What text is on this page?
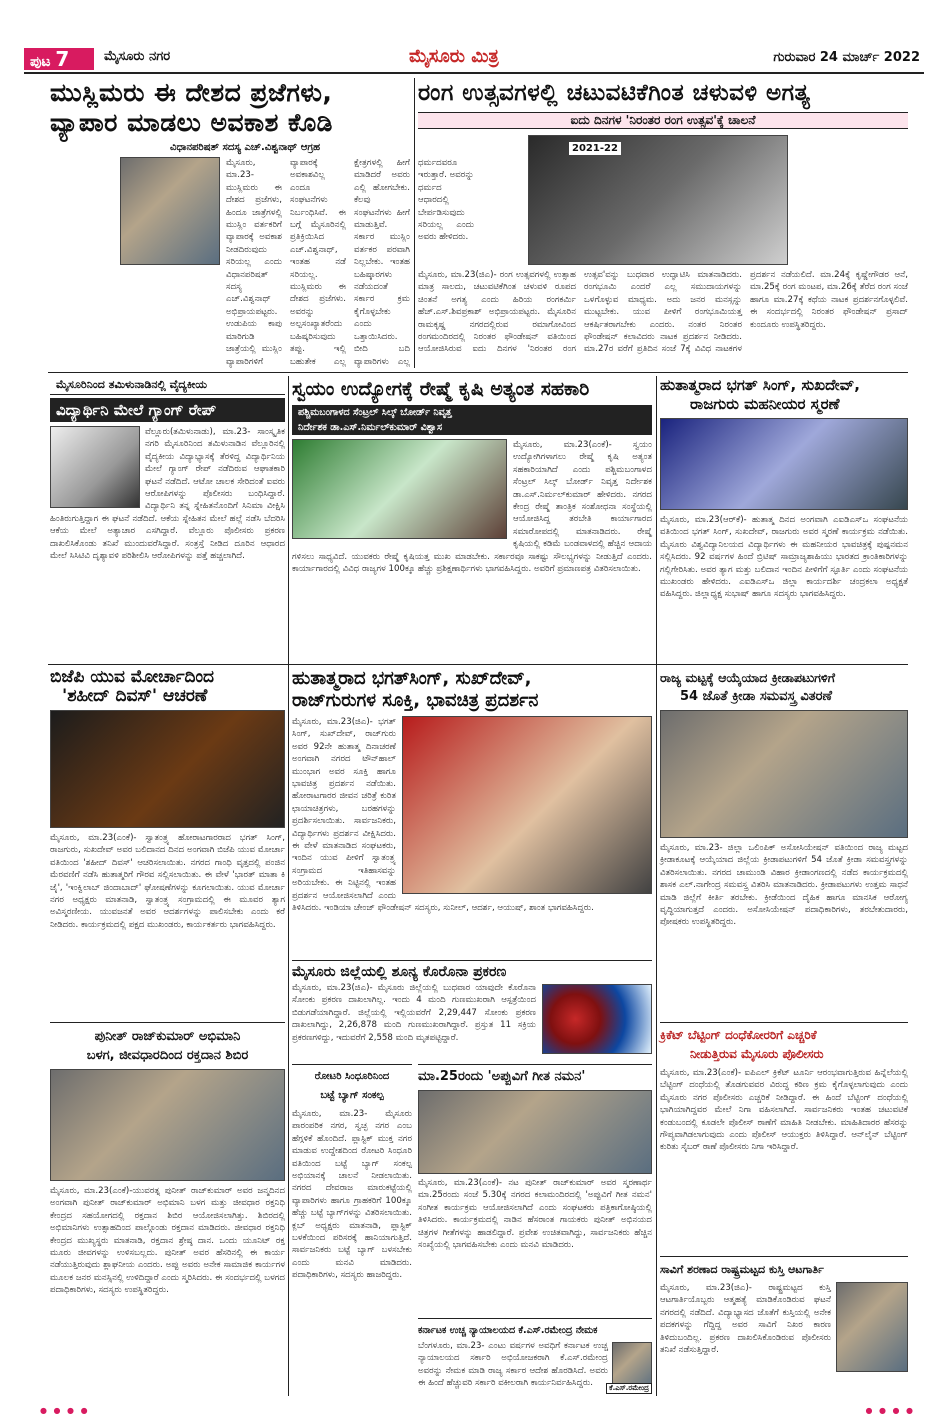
ಪುಟ 7	ಮೈಸೂರು ನಗರ	ಮೈಸೂರು ಮಿತ್ರ	ಗುರುವಾರ 24 ಮಾರ್ಚ್ 2022
ಮುಸ್ಲಿಮರು ಈ ದೇಶದ ಪ್ರಜೆಗಳು,
ವ್ಯಾಪಾರ ಮಾಡಲು ಅವಕಾಶ ಕೊಡಿ
ವಿಧಾನಪರಿಷತ್ ಸದಸ್ಯ ಎಚ್.ವಿಶ್ವನಾಥ್ ಆಗ್ರಹ
ಮೈಸೂರು, ಮಾ.23- ಮುಸ್ಲಿಮರು ಈ ದೇಶದ ಪ್ರಜೆಗಳು, ಹಿಂದೂ ಜಾತ್ರೆಗಳಲ್ಲಿ ಮುಸ್ಲಿಂ ವರ್ತಕರಿಗೆ ವ್ಯಾಪಾರಕ್ಕೆ ಅವಕಾಶ ನೀಡದಿರುವುದು ಸರಿಯಲ್ಲ ಎಂದು ವಿಧಾನಪರಿಷತ್ ಸದಸ್ಯ ಎಚ್.ವಿಶ್ವನಾಥ್ ಅಭಿಪ್ರಾಯಪಟ್ಟರು. ಉಡುಪಿಯ ಕಾಪು ಮಾರಿಗುಡಿ ಜಾತ್ರೆಯಲ್ಲಿ ಮುಸ್ಲಿಂ ವ್ಯಾಪಾರಿಗಳಿಗೆ ವ್ಯಾಪಾರಕ್ಕೆ ಅವಕಾಶವಿಲ್ಲ ಎಂದೂ ಸಂಘಟನೆಗಳು ನಿರ್ಬಂಧಿಸಿವೆ. ಈ ಬಗ್ಗೆ ಮೈಸೂರಿನಲ್ಲಿ ಪ್ರತಿಕ್ರಿಯಿಸಿದ ಎಚ್.ವಿಶ್ವನಾಥ್, ಇಂತಹ ನಡೆ ಸರಿಯಲ್ಲ. ಮುಸ್ಲಿಮರು ಈ ದೇಶದ ಪ್ರಜೆಗಳು. ಅವರನ್ನು ಅಲ್ಪಸಂಖ್ಯಾತರೆಂದು ಬಹಿಷ್ಕರಿಸುವುದು ತಪ್ಪು. ಇಲ್ಲಿ ಬಹುತೇಕ ಎಲ್ಲ ಕ್ಷೇತ್ರಗಳಲ್ಲಿ ಹೀಗೆ ಮಾಡಿದರೆ ಅವರು ಎಲ್ಲಿ ಹೋಗಬೇಕು. ಕೆಲವು ಸಂಘಟನೆಗಳು ಹೀಗೆ ಮಾಡುತ್ತಿವೆ. ಸರ್ಕಾರ ಮುಸ್ಲಿಂ ವರ್ತಕರ ಪರವಾಗಿ ನಿಲ್ಲಬೇಕು. ಇಂತಹ ಬಹಿಷ್ಕಾರಗಳು ನಡೆಯದಂತೆ ಸರ್ಕಾರ ಕ್ರಮ ಕೈಗೊಳ್ಳಬೇಕು ಎಂದು ಒತ್ತಾಯಿಸಿದರು. ಬೀದಿ ಬದಿ ವ್ಯಾಪಾರಿಗಳು ಎಲ್ಲ ಧರ್ಮದವರೂ ಇರುತ್ತಾರೆ. ಅವರನ್ನು ಧರ್ಮದ ಆಧಾರದಲ್ಲಿ ಬೇರ್ಪಡಿಸುವುದು ಸರಿಯಲ್ಲ ಎಂದು ಅವರು ಹೇಳಿದರು.
ರಂಗ ಉತ್ಸವಗಳಲ್ಲಿ ಚಟುವಟಿಕೆಗಿಂತ ಚಳುವಳಿ ಅಗತ್ಯ
ಐದು ದಿನಗಳ 'ನಿರಂತರ ರಂಗ ಉತ್ಸವ'ಕ್ಕೆ ಚಾಲನೆ
2021-22
ಮೈಸೂರು, ಮಾ.23(ಜಿಎ)- ರಂಗ ಉತ್ಸವಗಳಲ್ಲಿ ಉತ್ಸಾಹ ಮಾತ್ರ ಸಾಲದು, ಚಟುವಟಿಕೆಗಿಂತ ಚಳುವಳಿ ರೂಪದ ಚಿಂತನೆ ಅಗತ್ಯ ಎಂದು ಹಿರಿಯ ರಂಗಕರ್ಮಿ ಹೆಚ್.ಎಸ್.ಶಿವಪ್ರಕಾಶ್ ಅಭಿಪ್ರಾಯಪಟ್ಟರು. ಮೈಸೂರಿನ ರಾಮಕೃಷ್ಣ ನಗರದಲ್ಲಿರುವ ರಮಾಗೋವಿಂದ ರಂಗಮಂದಿರದಲ್ಲಿ ನಿರಂತರ ಫೌಂಡೇಷನ್ ವತಿಯಿಂದ ಆಯೋಜಿಸಿರುವ ಐದು ದಿನಗಳ 'ನಿರಂತರ ರಂಗ ಉತ್ಸವ'ವನ್ನು ಬುಧವಾರ ಉದ್ಘಾಟಿಸಿ ಮಾತನಾಡಿದರು. ರಂಗಭೂಮಿ ಎಂದರೆ ಎಲ್ಲ ಸಮುದಾಯಗಳನ್ನು ಒಳಗೊಳ್ಳುವ ಮಾಧ್ಯಮ. ಅದು ಜನರ ಮನಸ್ಸನ್ನು ಮುಟ್ಟಬೇಕು. ಯುವ ಪೀಳಿಗೆ ರಂಗಭೂಮಿಯತ್ತ ಆಕರ್ಷಿತರಾಗಬೇಕು ಎಂದರು. ನಂತರ ನಿರಂತರ ಫೌಂಡೇಷನ್ ಕಲಾವಿದರು ನಾಟಕ ಪ್ರದರ್ಶನ ನೀಡಿದರು. ಮಾ.27ರ ವರೆಗೆ ಪ್ರತಿದಿನ ಸಂಜೆ 7ಕ್ಕೆ ವಿವಿಧ ನಾಟಕಗಳ ಪ್ರದರ್ಶನ ನಡೆಯಲಿದೆ. ಮಾ.24ಕ್ಕೆ ಕೃಷ್ಣೇಗೌಡರ ಆನೆ, ಮಾ.25ಕ್ಕೆ ರಂಗ ಮಂಟಪ, ಮಾ.26ಕ್ಕೆ ತೆರೆದ ರಂಗ ಸಂಜೆ ಹಾಗೂ ಮಾ.27ಕ್ಕೆ ಕಥೆಯ ನಾಟಕ ಪ್ರದರ್ಶನಗೊಳ್ಳಲಿವೆ. ಈ ಸಂದರ್ಭದಲ್ಲಿ ನಿರಂತರ ಫೌಂಡೇಷನ್ ಪ್ರಸಾದ್ ಕುಂದೂರು ಉಪಸ್ಥಿತರಿದ್ದರು.
ಮೈಸೂರಿನಿಂದ ತಮಿಳುನಾಡಿನಲ್ಲಿ ವೈದ್ಯಕೀಯ
ವಿದ್ಯಾರ್ಥಿನಿ ಮೇಲೆ ಗ್ಯಾಂಗ್ ರೇಪ್
ವೆಲ್ಲೂರು(ತಮಿಳುನಾಡು), ಮಾ.23- ಸಾಂಸ್ಕೃತಿಕ ನಗರಿ ಮೈಸೂರಿನಿಂದ ತಮಿಳುನಾಡಿನ ವೆಲ್ಲೂರಿನಲ್ಲಿ ವೈದ್ಯಕೀಯ ವಿದ್ಯಾಭ್ಯಾಸಕ್ಕೆ ತೆರಳಿದ್ದ ವಿದ್ಯಾರ್ಥಿನಿಯ ಮೇಲೆ ಗ್ಯಾಂಗ್ ರೇಪ್ ನಡೆದಿರುವ ಆಘಾತಕಾರಿ ಘಟನೆ ನಡೆದಿದೆ. ಆಟೋ ಚಾಲಕ ಸೇರಿದಂತೆ ಐವರು ಆರೋಪಿಗಳನ್ನು ಪೊಲೀಸರು ಬಂಧಿಸಿದ್ದಾರೆ. ವಿದ್ಯಾರ್ಥಿನಿ ತನ್ನ ಸ್ನೇಹಿತನೊಂದಿಗೆ ಸಿನಿಮಾ ವೀಕ್ಷಿಸಿ ಹಿಂತಿರುಗುತ್ತಿದ್ದಾಗ ಈ ಘಟನೆ ನಡೆದಿದೆ. ಆಕೆಯ ಸ್ನೇಹಿತನ ಮೇಲೆ ಹಲ್ಲೆ ನಡೆಸಿ ಬೆದರಿಸಿ ಆಕೆಯ ಮೇಲೆ ಅತ್ಯಾಚಾರ ಎಸಗಿದ್ದಾರೆ. ವೆಲ್ಲೂರು ಪೊಲೀಸರು ಪ್ರಕರಣ ದಾಖಲಿಸಿಕೊಂಡು ತನಿಖೆ ಮುಂದುವರೆಸಿದ್ದಾರೆ. ಸಂತ್ರಸ್ತೆ ನೀಡಿದ ದೂರಿನ ಆಧಾರದ ಮೇಲೆ ಸಿಸಿಟಿವಿ ದೃಶ್ಯಾವಳಿ ಪರಿಶೀಲಿಸಿ ಆರೋಪಿಗಳನ್ನು ಪತ್ತೆ ಹಚ್ಚಲಾಗಿದೆ.
ಸ್ವಯಂ ಉದ್ಯೋಗಕ್ಕೆ ರೇಷ್ಮೆ ಕೃಷಿ ಅತ್ಯಂತ ಸಹಕಾರಿ
ಪಶ್ಚಿಮಬಂಗಾಳದ ಸೆಂಟ್ರಲ್ ಸಿಲ್ಕ್ ಬೋರ್ಡ್ ನಿವೃತ್ತ
ನಿರ್ದೇಶಕ ಡಾ.ಎಸ್.ನಿರ್ಮಲ್‌ಕುಮಾರ್ ವಿಶ್ವಾಸ
ಮೈಸೂರು, ಮಾ.23(ಎಂಕೆ)- ಸ್ವಯಂ ಉದ್ಯೋಗಿಗಳಾಗಲು ರೇಷ್ಮೆ ಕೃಷಿ ಅತ್ಯಂತ ಸಹಕಾರಿಯಾಗಿದೆ ಎಂದು ಪಶ್ಚಿಮಬಂಗಾಳದ ಸೆಂಟ್ರಲ್ ಸಿಲ್ಕ್ ಬೋರ್ಡ್ ನಿವೃತ್ತ ನಿರ್ದೇಶಕ ಡಾ.ಎಸ್.ನಿರ್ಮಲ್‌ಕುಮಾರ್ ಹೇಳಿದರು. ನಗರದ ಕೇಂದ್ರ ರೇಷ್ಮೆ ತಾಂತ್ರಿಕ ಸಂಶೋಧನಾ ಸಂಸ್ಥೆಯಲ್ಲಿ ಆಯೋಜಿಸಿದ್ದ ತರಬೇತಿ ಕಾರ್ಯಾಗಾರದ ಸಮಾರೋಪದಲ್ಲಿ ಮಾತನಾಡಿದರು. ರೇಷ್ಮೆ ಕೃಷಿಯಲ್ಲಿ ಕಡಿಮೆ ಬಂಡವಾಳದಲ್ಲಿ ಹೆಚ್ಚಿನ ಆದಾಯ ಗಳಿಸಲು ಸಾಧ್ಯವಿದೆ. ಯುವಕರು ರೇಷ್ಮೆ ಕೃಷಿಯತ್ತ ಮುಖ ಮಾಡಬೇಕು. ಸರ್ಕಾರವೂ ಸಾಕಷ್ಟು ಸೌಲಭ್ಯಗಳನ್ನು ನೀಡುತ್ತಿದೆ ಎಂದರು. ಕಾರ್ಯಾಗಾರದಲ್ಲಿ ವಿವಿಧ ರಾಜ್ಯಗಳ 100ಕ್ಕೂ ಹೆಚ್ಚು ಪ್ರಶಿಕ್ಷಣಾರ್ಥಿಗಳು ಭಾಗವಹಿಸಿದ್ದರು. ಅವರಿಗೆ ಪ್ರಮಾಣಪತ್ರ ವಿತರಿಸಲಾಯಿತು.
ಹುತಾತ್ಮರಾದ ಭಗತ್ ಸಿಂಗ್, ಸುಖದೇವ್,
ರಾಜಗುರು ಮಹನೀಯರ ಸ್ಮರಣೆ
ಮೈಸೂರು, ಮಾ.23(ಆರ್‌ಕೆ)- ಹುತಾತ್ಮ ದಿನದ ಅಂಗವಾಗಿ ಎಐಡಿಎಸ್‌ಒ ಸಂಘಟನೆಯ ವತಿಯಿಂದ ಭಗತ್ ಸಿಂಗ್, ಸುಖದೇವ್, ರಾಜಗುರು ಅವರ ಸ್ಮರಣೆ ಕಾರ್ಯಕ್ರಮ ನಡೆಯಿತು. ಮೈಸೂರು ವಿಶ್ವವಿದ್ಯಾನಿಲಯದ ವಿದ್ಯಾರ್ಥಿಗಳು ಈ ಮಹನೀಯರ ಭಾವಚಿತ್ರಕ್ಕೆ ಪುಷ್ಪನಮನ ಸಲ್ಲಿಸಿದರು. 92 ವರ್ಷಗಳ ಹಿಂದೆ ಬ್ರಿಟಿಷ್ ಸಾಮ್ರಾಜ್ಯಶಾಹಿಯು ಭಾರತದ ಕ್ರಾಂತಿಕಾರಿಗಳನ್ನು ಗಲ್ಲಿಗೇರಿಸಿತು. ಅವರ ತ್ಯಾಗ ಮತ್ತು ಬಲಿದಾನ ಇಂದಿನ ಪೀಳಿಗೆಗೆ ಸ್ಫೂರ್ತಿ ಎಂದು ಸಂಘಟನೆಯ ಮುಖಂಡರು ಹೇಳಿದರು. ಎಐಡಿಎಸ್‌ಒ ಜಿಲ್ಲಾ ಕಾರ್ಯದರ್ಶಿ ಚಂದ್ರಕಲಾ ಅಧ್ಯಕ್ಷತೆ ವಹಿಸಿದ್ದರು. ಜಿಲ್ಲಾಧ್ಯಕ್ಷ ಸುಭಾಷ್ ಹಾಗೂ ಸದಸ್ಯರು ಭಾಗವಹಿಸಿದ್ದರು.
ಬಿಜೆಪಿ ಯುವ ಮೋರ್ಚಾದಿಂದ
'ಶಹೀದ್ ದಿವಸ್' ಆಚರಣೆ
ಮೈಸೂರು, ಮಾ.23(ಎಂಕೆ)- ಸ್ವಾತಂತ್ರ್ಯ ಹೋರಾಟಗಾರರಾದ ಭಗತ್ ಸಿಂಗ್, ರಾಜಗುರು, ಸುಖದೇವ್ ಅವರ ಬಲಿದಾನದ ದಿನದ ಅಂಗವಾಗಿ ಬಿಜೆಪಿ ಯುವ ಮೋರ್ಚಾ ವತಿಯಿಂದ 'ಶಹೀದ್ ದಿವಸ್' ಆಚರಿಸಲಾಯಿತು. ನಗರದ ಗಾಂಧಿ ವೃತ್ತದಲ್ಲಿ ಪಂಜಿನ ಮೆರವಣಿಗೆ ನಡೆಸಿ ಹುತಾತ್ಮರಿಗೆ ಗೌರವ ಸಲ್ಲಿಸಲಾಯಿತು. ಈ ವೇಳೆ 'ಭಾರತ್ ಮಾತಾ ಕಿ ಜೈ', 'ಇಂಕ್ವಿಲಾಬ್ ಜಿಂದಾಬಾದ್' ಘೋಷಣೆಗಳನ್ನು ಕೂಗಲಾಯಿತು. ಯುವ ಮೋರ್ಚಾ ನಗರ ಅಧ್ಯಕ್ಷರು ಮಾತನಾಡಿ, ಸ್ವಾತಂತ್ರ್ಯ ಸಂಗ್ರಾಮದಲ್ಲಿ ಈ ಮೂವರ ತ್ಯಾಗ ಅವಿಸ್ಮರಣೀಯ. ಯುವಜನತೆ ಅವರ ಆದರ್ಶಗಳನ್ನು ಪಾಲಿಸಬೇಕು ಎಂದು ಕರೆ ನೀಡಿದರು. ಕಾರ್ಯಕ್ರಮದಲ್ಲಿ ಪಕ್ಷದ ಮುಖಂಡರು, ಕಾರ್ಯಕರ್ತರು ಭಾಗವಹಿಸಿದ್ದರು.
ಹುತಾತ್ಮರಾದ ಭಗತ್‌ಸಿಂಗ್, ಸುಖ್‌ದೇವ್,
ರಾಜ್‌ಗುರುಗಳ ಸೂಕ್ತಿ, ಭಾವಚಿತ್ರ ಪ್ರದರ್ಶನ
ಮೈಸೂರು, ಮಾ.23(ಜಿಎ)- ಭಗತ್ ಸಿಂಗ್, ಸುಖ್‌ದೇವ್, ರಾಜ್‌ಗುರು ಅವರ 92ನೇ ಹುತಾತ್ಮ ದಿನಾಚರಣೆ ಅಂಗವಾಗಿ ನಗರದ ಟೌನ್‌ಹಾಲ್ ಮುಂಭಾಗ ಅವರ ಸೂಕ್ತಿ ಹಾಗೂ ಭಾವಚಿತ್ರ ಪ್ರದರ್ಶನ ನಡೆಯಿತು. ಹೋರಾಟಗಾರರ ಜೀವನ ಚರಿತ್ರೆ ಕುರಿತ ಛಾಯಾಚಿತ್ರಗಳು, ಬರಹಗಳನ್ನು ಪ್ರದರ್ಶಿಸಲಾಯಿತು. ಸಾರ್ವಜನಿಕರು, ವಿದ್ಯಾರ್ಥಿಗಳು ಪ್ರದರ್ಶನ ವೀಕ್ಷಿಸಿದರು. ಈ ವೇಳೆ ಮಾತನಾಡಿದ ಸಂಘಟಕರು, ಇಂದಿನ ಯುವ ಪೀಳಿಗೆ ಸ್ವಾತಂತ್ರ್ಯ ಸಂಗ್ರಾಮದ ಇತಿಹಾಸವನ್ನು ಅರಿಯಬೇಕು. ಈ ನಿಟ್ಟಿನಲ್ಲಿ ಇಂತಹ ಪ್ರದರ್ಶನ ಆಯೋಜಿಸಲಾಗಿದೆ ಎಂದು ತಿಳಿಸಿದರು. ಇಂಡಿಯಾ ಚೇಂಜ್ ಫೌಂಡೇಷನ್ ಸದಸ್ಯರು, ಸುನೀಲ್, ಆದರ್ಶ, ಆಯುಷ್, ಶಾಂತ ಭಾಗವಹಿಸಿದ್ದರು.
ರಾಜ್ಯ ಮಟ್ಟಕ್ಕೆ ಆಯ್ಕೆಯಾದ ಕ್ರೀಡಾಪಟುಗಳಿಗೆ
54 ಜೊತೆ ಕ್ರೀಡಾ ಸಮವಸ್ತ್ರ ವಿತರಣೆ
ಮೈಸೂರು, ಮಾ.23- ಜಿಲ್ಲಾ ಒಲಿಂಪಿಕ್ ಅಸೋಸಿಯೇಷನ್ ವತಿಯಿಂದ ರಾಜ್ಯ ಮಟ್ಟದ ಕ್ರೀಡಾಕೂಟಕ್ಕೆ ಆಯ್ಕೆಯಾದ ಜಿಲ್ಲೆಯ ಕ್ರೀಡಾಪಟುಗಳಿಗೆ 54 ಜೊತೆ ಕ್ರೀಡಾ ಸಮವಸ್ತ್ರಗಳನ್ನು ವಿತರಿಸಲಾಯಿತು. ನಗರದ ಚಾಮುಂಡಿ ವಿಹಾರ ಕ್ರೀಡಾಂಗಣದಲ್ಲಿ ನಡೆದ ಕಾರ್ಯಕ್ರಮದಲ್ಲಿ ಶಾಸಕ ಎಲ್.ನಾಗೇಂದ್ರ ಸಮವಸ್ತ್ರ ವಿತರಿಸಿ ಮಾತನಾಡಿದರು. ಕ್ರೀಡಾಪಟುಗಳು ಉತ್ತಮ ಸಾಧನೆ ಮಾಡಿ ಜಿಲ್ಲೆಗೆ ಕೀರ್ತಿ ತರಬೇಕು. ಕ್ರೀಡೆಯಿಂದ ದೈಹಿಕ ಹಾಗೂ ಮಾನಸಿಕ ಆರೋಗ್ಯ ವೃದ್ಧಿಯಾಗುತ್ತದೆ ಎಂದರು. ಅಸೋಸಿಯೇಷನ್ ಪದಾಧಿಕಾರಿಗಳು, ತರಬೇತುದಾರರು, ಪೋಷಕರು ಉಪಸ್ಥಿತರಿದ್ದರು.
ಮೈಸೂರು ಜಿಲ್ಲೆಯಲ್ಲಿ ಶೂನ್ಯ ಕೊರೊನಾ ಪ್ರಕರಣ
ಮೈಸೂರು, ಮಾ.23(ಜಿಎ)- ಮೈಸೂರು ಜಿಲ್ಲೆಯಲ್ಲಿ ಬುಧವಾರ ಯಾವುದೇ ಕೊರೊನಾ ಸೋಂಕು ಪ್ರಕರಣ ದಾಖಲಾಗಿಲ್ಲ. ಇಂದು 4 ಮಂದಿ ಗುಣಮುಖರಾಗಿ ಆಸ್ಪತ್ರೆಯಿಂದ ಬಿಡುಗಡೆಯಾಗಿದ್ದಾರೆ. ಜಿಲ್ಲೆಯಲ್ಲಿ ಇಲ್ಲಿಯವರೆಗೆ 2,29,447 ಸೋಂಕು ಪ್ರಕರಣ ದಾಖಲಾಗಿದ್ದು, 2,26,878 ಮಂದಿ ಗುಣಮುಖರಾಗಿದ್ದಾರೆ. ಪ್ರಸ್ತುತ 11 ಸಕ್ರಿಯ ಪ್ರಕರಣಗಳಿದ್ದು, ಇದುವರೆಗೆ 2,558 ಮಂದಿ ಮೃತಪಟ್ಟಿದ್ದಾರೆ.
ಪುನೀತ್ ರಾಜ್‌ಕುಮಾರ್ ಅಭಿಮಾನಿ
ಬಳಗ, ಜೀವಧಾರದಿಂದ ರಕ್ತದಾನ ಶಿಬಿರ
ಮೈಸೂರು, ಮಾ.23(ಎಂಕೆ)-ಯುವರತ್ನ ಪುನೀತ್ ರಾಜ್‌ಕುಮಾರ್ ಅವರ ಜನ್ಮದಿನದ ಅಂಗವಾಗಿ ಪುನೀತ್ ರಾಜ್‌ಕುಮಾರ್ ಅಭಿಮಾನಿ ಬಳಗ ಮತ್ತು ಜೀವಧಾರ ರಕ್ತನಿಧಿ ಕೇಂದ್ರದ ಸಹಯೋಗದಲ್ಲಿ ರಕ್ತದಾನ ಶಿಬಿರ ಆಯೋಜಿಸಲಾಗಿತ್ತು. ಶಿಬಿರದಲ್ಲಿ ಅಭಿಮಾನಿಗಳು ಉತ್ಸಾಹದಿಂದ ಪಾಲ್ಗೊಂಡು ರಕ್ತದಾನ ಮಾಡಿದರು. ಜೀವಧಾರ ರಕ್ತನಿಧಿ ಕೇಂದ್ರದ ಮುಖ್ಯಸ್ಥರು ಮಾತನಾಡಿ, ರಕ್ತದಾನ ಶ್ರೇಷ್ಠ ದಾನ. ಒಂದು ಯೂನಿಟ್ ರಕ್ತ ಮೂರು ಜೀವಗಳನ್ನು ಉಳಿಸಬಲ್ಲದು. ಪುನೀತ್ ಅವರ ಹೆಸರಿನಲ್ಲಿ ಈ ಕಾರ್ಯ ನಡೆಯುತ್ತಿರುವುದು ಶ್ಲಾಘನೀಯ ಎಂದರು. ಅಪ್ಪು ಅವರು ಅನೇಕ ಸಾಮಾಜಿಕ ಕಾರ್ಯಗಳ ಮೂಲಕ ಜನರ ಮನಸ್ಸಿನಲ್ಲಿ ಉಳಿದಿದ್ದಾರೆ ಎಂದು ಸ್ಮರಿಸಿದರು. ಈ ಸಂದರ್ಭದಲ್ಲಿ ಬಳಗದ ಪದಾಧಿಕಾರಿಗಳು, ಸದಸ್ಯರು ಉಪಸ್ಥಿತರಿದ್ದರು.
ರೋಟರಿ ಸಿಂಧೂರಿನಿಂದ
ಬಟ್ಟೆ ಬ್ಯಾಗ್ ಸಂಕಲ್ಪ
ಮೈಸೂರು, ಮಾ.23- ಮೈಸೂರು ಪಾರಂಪರಿಕ ನಗರ, ಸ್ವಚ್ಛ ನಗರ ಎಂಬ ಹೆಗ್ಗಳಿಕೆ ಹೊಂದಿದೆ. ಪ್ಲಾಸ್ಟಿಕ್ ಮುಕ್ತ ನಗರ ಮಾಡುವ ಉದ್ದೇಶದಿಂದ ರೋಟರಿ ಸಿಂಧೂರಿ ವತಿಯಿಂದ ಬಟ್ಟೆ ಬ್ಯಾಗ್ ಸಂಕಲ್ಪ ಅಭಿಯಾನಕ್ಕೆ ಚಾಲನೆ ನೀಡಲಾಯಿತು. ನಗರದ ದೇವರಾಜ ಮಾರುಕಟ್ಟೆಯಲ್ಲಿ ವ್ಯಾಪಾರಿಗಳು ಹಾಗೂ ಗ್ರಾಹಕರಿಗೆ 100ಕ್ಕೂ ಹೆಚ್ಚು ಬಟ್ಟೆ ಬ್ಯಾಗ್‌ಗಳನ್ನು ವಿತರಿಸಲಾಯಿತು. ಕ್ಲಬ್ ಅಧ್ಯಕ್ಷರು ಮಾತನಾಡಿ, ಪ್ಲಾಸ್ಟಿಕ್ ಬಳಕೆಯಿಂದ ಪರಿಸರಕ್ಕೆ ಹಾನಿಯಾಗುತ್ತಿದೆ. ಸಾರ್ವಜನಿಕರು ಬಟ್ಟೆ ಬ್ಯಾಗ್ ಬಳಸಬೇಕು ಎಂದು ಮನವಿ ಮಾಡಿದರು. ಪದಾಧಿಕಾರಿಗಳು, ಸದಸ್ಯರು ಹಾಜರಿದ್ದರು.
ಮಾ.25ರಂದು 'ಅಪ್ಪುವಿಗೆ ಗೀತ ನಮನ'
ಮೈಸೂರು, ಮಾ.23(ಎಂಕೆ)- ನಟ ಪುನೀತ್ ರಾಜ್‌ಕುಮಾರ್ ಅವರ ಸ್ಮರಣಾರ್ಥ ಮಾ.25ರಂದು ಸಂಜೆ 5.30ಕ್ಕೆ ನಗರದ ಕಲಾಮಂದಿರದಲ್ಲಿ 'ಅಪ್ಪುವಿಗೆ ಗೀತ ನಮನ' ಸಂಗೀತ ಕಾರ್ಯಕ್ರಮ ಆಯೋಜಿಸಲಾಗಿದೆ ಎಂದು ಸಂಘಟಕರು ಪತ್ರಿಕಾಗೋಷ್ಠಿಯಲ್ಲಿ ತಿಳಿಸಿದರು. ಕಾರ್ಯಕ್ರಮದಲ್ಲಿ ನಾಡಿನ ಹೆಸರಾಂತ ಗಾಯಕರು ಪುನೀತ್ ಅಭಿನಯದ ಚಿತ್ರಗಳ ಗೀತೆಗಳನ್ನು ಹಾಡಲಿದ್ದಾರೆ. ಪ್ರವೇಶ ಉಚಿತವಾಗಿದ್ದು, ಸಾರ್ವಜನಿಕರು ಹೆಚ್ಚಿನ ಸಂಖ್ಯೆಯಲ್ಲಿ ಭಾಗವಹಿಸಬೇಕು ಎಂದು ಮನವಿ ಮಾಡಿದರು.
ಕರ್ನಾಟಕ ಉಚ್ಚ ನ್ಯಾಯಾಲಯದ ಕೆ.ಎಸ್.ರಮೇಂದ್ರ ನೇಮಕ
ಬೆಂಗಳೂರು, ಮಾ.23- ಎಂಟು ವರ್ಷಗಳ ಅವಧಿಗೆ ಕರ್ನಾಟಕ ಉಚ್ಚ ನ್ಯಾಯಾಲಯದ ಸರ್ಕಾರಿ ಅಭಿಯೋಜಕರಾಗಿ ಕೆ.ಎಸ್.ರಮೇಂದ್ರ ಅವರನ್ನು ನೇಮಕ ಮಾಡಿ ರಾಜ್ಯ ಸರ್ಕಾರ ಆದೇಶ ಹೊರಡಿಸಿದೆ. ಅವರು ಈ ಹಿಂದೆ ಹೆಚ್ಚುವರಿ ಸರ್ಕಾರಿ ವಕೀಲರಾಗಿ ಕಾರ್ಯನಿರ್ವಹಿಸಿದ್ದರು.	ಕೆ.ಎಸ್.ರಮೇಂದ್ರ
ಕ್ರಿಕೆಟ್ ಬೆಟ್ಟಿಂಗ್ ದಂಧೆಕೋರರಿಗೆ ಎಚ್ಚರಿಕೆ
ನೀಡುತ್ತಿರುವ ಮೈಸೂರು ಪೊಲೀಸರು
ಮೈಸೂರು, ಮಾ.23(ಎಂಕೆ)- ಐಪಿಎಲ್ ಕ್ರಿಕೆಟ್ ಟೂರ್ನಿ ಆರಂಭವಾಗುತ್ತಿರುವ ಹಿನ್ನೆಲೆಯಲ್ಲಿ ಬೆಟ್ಟಿಂಗ್ ದಂಧೆಯಲ್ಲಿ ತೊಡಗುವವರ ವಿರುದ್ಧ ಕಠಿಣ ಕ್ರಮ ಕೈಗೊಳ್ಳಲಾಗುವುದು ಎಂದು ಮೈಸೂರು ನಗರ ಪೊಲೀಸರು ಎಚ್ಚರಿಕೆ ನೀಡಿದ್ದಾರೆ. ಈ ಹಿಂದೆ ಬೆಟ್ಟಿಂಗ್ ದಂಧೆಯಲ್ಲಿ ಭಾಗಿಯಾಗಿದ್ದವರ ಮೇಲೆ ನಿಗಾ ವಹಿಸಲಾಗಿದೆ. ಸಾರ್ವಜನಿಕರು ಇಂತಹ ಚಟುವಟಿಕೆ ಕಂಡುಬಂದಲ್ಲಿ ಕೂಡಲೇ ಪೊಲೀಸ್ ಠಾಣೆಗೆ ಮಾಹಿತಿ ನೀಡಬೇಕು. ಮಾಹಿತಿದಾರರ ಹೆಸರನ್ನು ಗೌಪ್ಯವಾಗಿಡಲಾಗುವುದು ಎಂದು ಪೊಲೀಸ್ ಆಯುಕ್ತರು ತಿಳಿಸಿದ್ದಾರೆ. ಆನ್‌ಲೈನ್ ಬೆಟ್ಟಿಂಗ್ ಕುರಿತು ಸೈಬರ್ ಠಾಣೆ ಪೊಲೀಸರು ನಿಗಾ ಇರಿಸಿದ್ದಾರೆ.
ಸಾವಿಗೆ ಶರಣಾದ ರಾಷ್ಟ್ರಮಟ್ಟದ ಕುಸ್ತಿ ಆಟಗಾರ್ತಿ
ಮೈಸೂರು, ಮಾ.23(ಜಿಎ)- ರಾಷ್ಟ್ರಮಟ್ಟದ ಕುಸ್ತಿ ಆಟಗಾರ್ತಿಯೊಬ್ಬರು ಆತ್ಮಹತ್ಯೆ ಮಾಡಿಕೊಂಡಿರುವ ಘಟನೆ ನಗರದಲ್ಲಿ ನಡೆದಿದೆ. ವಿದ್ಯಾಭ್ಯಾಸದ ಜೊತೆಗೆ ಕುಸ್ತಿಯಲ್ಲಿ ಅನೇಕ ಪದಕಗಳನ್ನು ಗೆದ್ದಿದ್ದ ಅವರ ಸಾವಿಗೆ ನಿಖರ ಕಾರಣ ತಿಳಿದುಬಂದಿಲ್ಲ. ಪ್ರಕರಣ ದಾಖಲಿಸಿಕೊಂಡಿರುವ ಪೊಲೀಸರು ತನಿಖೆ ನಡೆಸುತ್ತಿದ್ದಾರೆ.
● ● ● ●	● ● ● ●
